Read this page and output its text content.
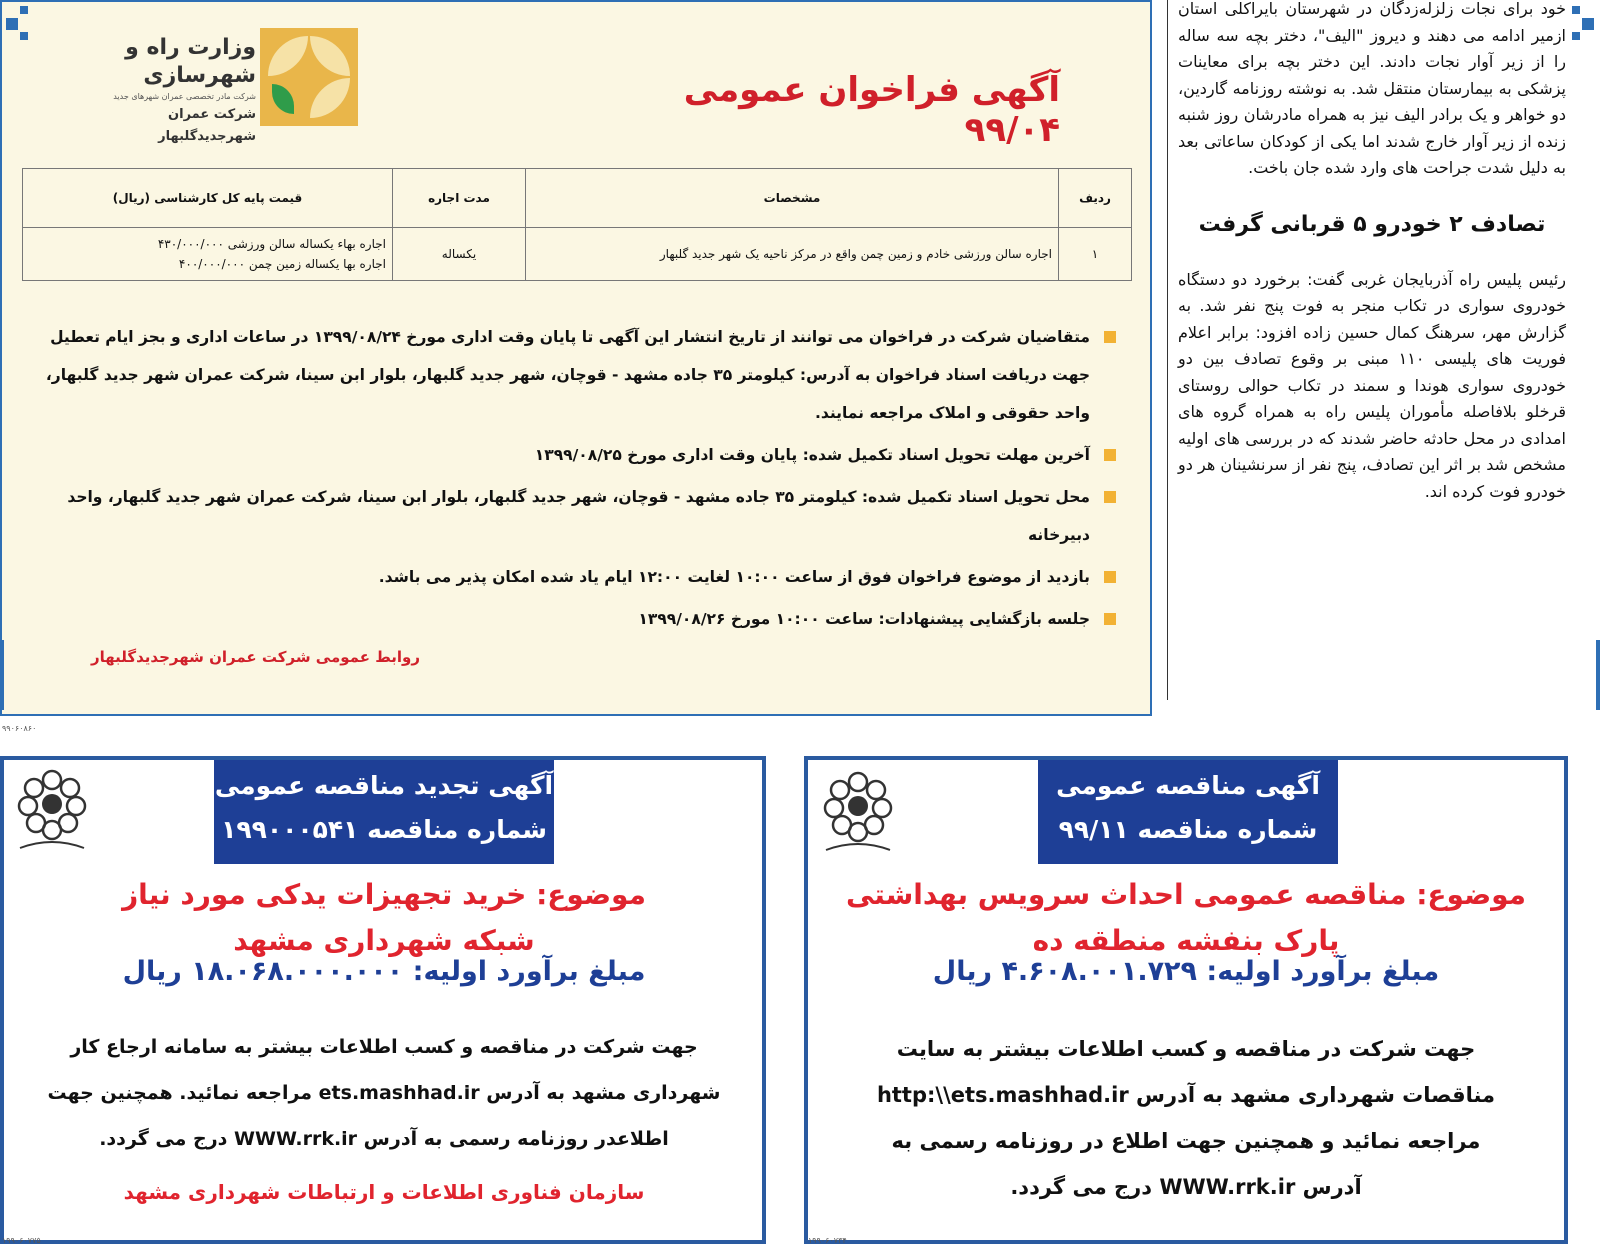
وزارت راه و شهرسازی
شرکت مادر تخصصی عمران شهرهای جدید
شرکت عمران شهرجدیدگلبهار
آگهی فراخوان عمومی ۹۹/۰۴
ردیف	مشخصات	مدت اجاره	قیمت پایه کل کارشناسی (ریال)
۱	اجاره سالن ورزشی خادم و زمین چمن واقع در مرکز ناحیه یک شهر جدید گلبهار	یکساله	اجاره بهاء یکساله سالن ورزشی ۴۳۰/۰۰۰/۰۰۰
اجاره بها یکساله زمین چمن ۴۰۰/۰۰۰/۰۰۰
متقاضیان شرکت در فراخوان می توانند از تاریخ انتشار این آگهی تا پایان وقت اداری مورخ ۱۳۹۹/۰۸/۲۴ در ساعات اداری و بجز ایام تعطیل جهت دریافت اسناد فراخوان به آدرس: کیلومتر ۳۵ جاده مشهد - قوچان، شهر جدید گلبهار، بلوار ابن سینا، شرکت عمران شهر جدید گلبهار، واحد حقوقی و املاک مراجعه نمایند.
آخرین مهلت تحویل اسناد تکمیل شده: پایان وقت اداری مورخ ۱۳۹۹/۰۸/۲۵
محل تحویل اسناد تکمیل شده: کیلومتر ۳۵ جاده مشهد - قوچان، شهر جدید گلبهار، بلوار ابن سینا، شرکت عمران شهر جدید گلبهار، واحد دبیرخانه
بازدید از موضوع فراخوان فوق از ساعت ۱۰:۰۰ لغایت ۱۲:۰۰ ایام یاد شده امکان پذیر می باشد.
جلسه بازگشایی پیشنهادات: ساعت ۱۰:۰۰ مورخ ۱۳۹۹/۰۸/۲۶
روابط عمومی شرکت عمران شهرجدیدگلبهار
۹۹۰۶۰۸۶۰

خود برای نجات زلزله‌زدگان در شهرستان بایراکلی استان ازمیر ادامه می دهند و دیروز "الیف"، دختر بچه سه ساله را از زیر آوار نجات دادند. این دختر بچه برای معاینات پزشکی به بیمارستان منتقل شد. به نوشته روزنامه گاردین، دو خواهر و یک برادر الیف نیز به همراه مادرشان روز شنبه زنده از زیر آوار خارج شدند اما یکی از کودکان ساعاتی بعد به دلیل شدت جراحت های وارد شده جان باخت.

تصادف ۲ خودرو ۵ قربانی گرفت

رئیس پلیس راه آذربایجان غربی گفت: برخورد دو دستگاه خودروی سواری در تکاب منجر به فوت پنج نفر شد. به گزارش مهر، سرهنگ کمال حسین زاده افزود: برابر اعلام فوریت های پلیسی ۱۱۰ مبنی بر وقوع تصادف بین دو خودروی سواری هوندا و سمند در تکاب حوالی روستای قرخلو بلافاصله مأموران پلیس راه به همراه گروه های امدادی در محل حادثه حاضر شدند که در بررسی های اولیه مشخص شد بر اثر این تصادف، پنج نفر از سرنشینان هر دو خودرو فوت کرده اند.

آگهی تجدید مناقصه عمومی
شماره مناقصه ۱۹۹۰۰۰۵۴۱
موضوع: خرید تجهیزات یدکی مورد نیاز
شبکه شهرداری مشهد
مبلغ برآورد اولیه: ۱۸.۰۶۸.۰۰۰.۰۰۰ ریال
جهت شرکت در مناقصه و کسب اطلاعات بیشتر به سامانه ارجاع کار
شهرداری مشهد به آدرس ets.mashhad.ir مراجعه نمائید. همچنین جهت
اطلاعدر روزنامه رسمی به آدرس WWW.rrk.ir درج می گردد.
سازمان فناوری اطلاعات و ارتباطات شهرداری مشهد
۱۹۹۰۶۰۷۷۵
آگهی مناقصه عمومی
شماره مناقصه ۹۹/۱۱
موضوع: مناقصه عمومی احداث سرویس بهداشتی
پارک بنفشه منطقه ده
مبلغ برآورد اولیه: ۴.۶۰۸.۰۰۱.۷۲۹ ریال
جهت شرکت در مناقصه و کسب اطلاعات بیشتر به سایت
مناقصات شهرداری مشهد به آدرس http:\\ets.mashhad.ir
مراجعه نمائید و همچنین جهت اطلاع در روزنامه رسمی به
آدرس WWW.rrk.ir درج می گردد.
۱۹۹۰۶۰۷۳۴
